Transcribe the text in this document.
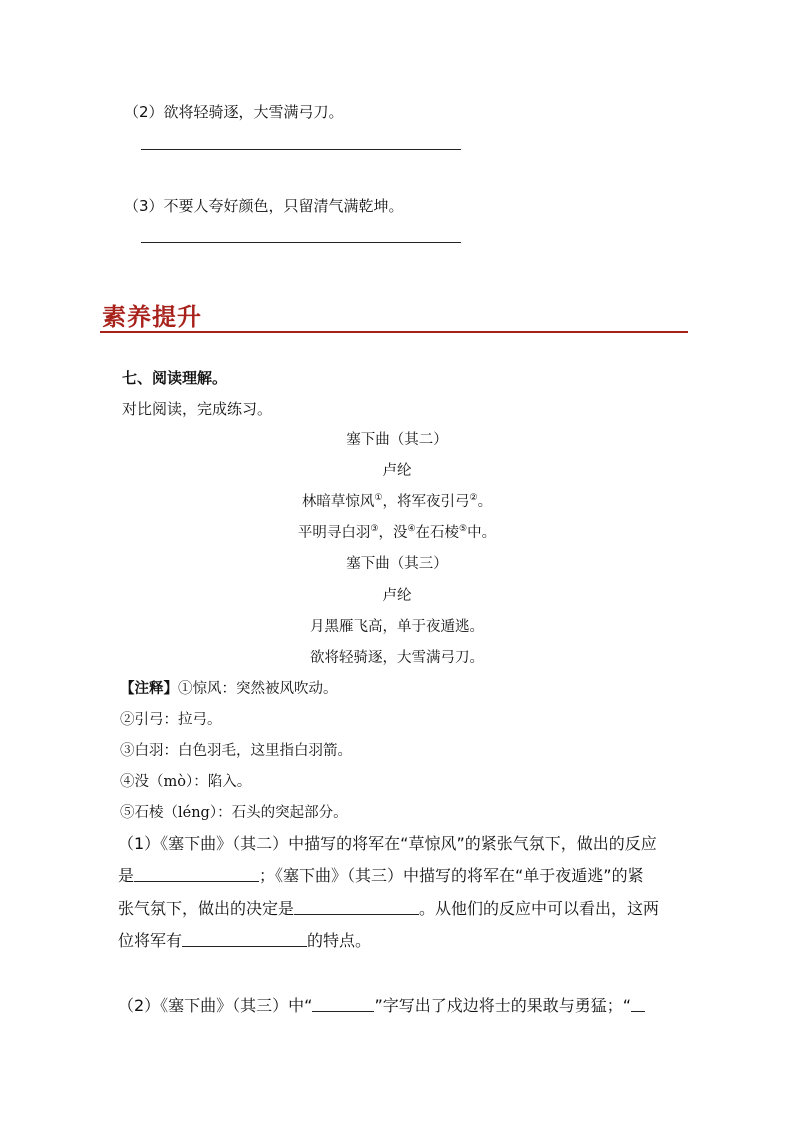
（2）欲将轻骑逐，大雪满弓刀。
（3）不要人夸好颜色，只留清气满乾坤。
素养提升
七、阅读理解。
对比阅读，完成练习。
塞下曲（其二）
卢纶
林暗草惊风①，将军夜引弓②。
平明寻白羽③，没④在石棱⑤中。
塞下曲（其三）
卢纶
月黑雁飞高，单于夜遁逃。
欲将轻骑逐，大雪满弓刀。
【注释】①惊风：突然被风吹动。
②引弓：拉弓。
③白羽：白色羽毛，这里指白羽箭。
④没（mò）：陷入。
⑤石棱（léng）：石头的突起部分。
（1）《塞下曲》（其二）中描写的将军在“草惊风”的紧张气氛下，做出的反应
是	；《塞下曲》（其三）中描写的将军在“单于夜遁逃”的紧
张气氛下，做出的决定是	。从他们的反应中可以看出，这两
位将军有	的特点。
（2）《塞下曲》（其三）中“	”字写出了戍边将士的果敢与勇猛；“
